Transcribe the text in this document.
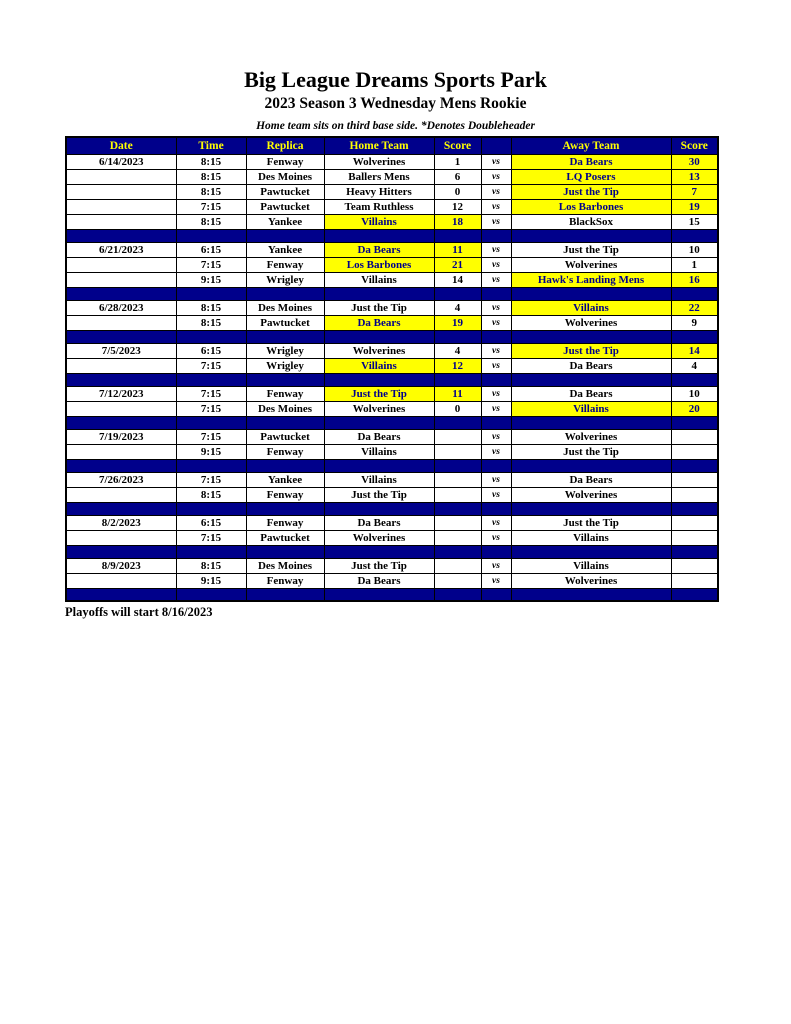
Big League Dreams Sports Park
2023 Season 3 Wednesday Mens Rookie
Home team sits on third base side. *Denotes Doubleheader
Date	Time	Replica	Home Team	Score		Away Team	Score
6/14/2023	8:15	Fenway	Wolverines	1	vs	Da Bears	30
	8:15	Des Moines	Ballers Mens	6	vs	LQ Posers	13
	8:15	Pawtucket	Heavy Hitters	0	vs	Just the Tip	7
	7:15	Pawtucket	Team Ruthless	12	vs	Los Barbones	19
	8:15	Yankee	Villains	18	vs	BlackSox	15

6/21/2023	6:15	Yankee	Da Bears	11	vs	Just the Tip	10
	7:15	Fenway	Los Barbones	21	vs	Wolverines	1
	9:15	Wrigley	Villains	14	vs	Hawk's Landing Mens	16

6/28/2023	8:15	Des Moines	Just the Tip	4	vs	Villains	22
	8:15	Pawtucket	Da Bears	19	vs	Wolverines	9

7/5/2023	6:15	Wrigley	Wolverines	4	vs	Just the Tip	14
	7:15	Wrigley	Villains	12	vs	Da Bears	4

7/12/2023	7:15	Fenway	Just the Tip	11	vs	Da Bears	10
	7:15	Des Moines	Wolverines	0	vs	Villains	20

7/19/2023	7:15	Pawtucket	Da Bears		vs	Wolverines	
	9:15	Fenway	Villains		vs	Just the Tip	

7/26/2023	7:15	Yankee	Villains		vs	Da Bears	
	8:15	Fenway	Just the Tip		vs	Wolverines	

8/2/2023	6:15	Fenway	Da Bears		vs	Just the Tip	
	7:15	Pawtucket	Wolverines		vs	Villains	

8/9/2023	8:15	Des Moines	Just the Tip		vs	Villains	
	9:15	Fenway	Da Bears		vs	Wolverines	

Playoffs will start 8/16/2023
